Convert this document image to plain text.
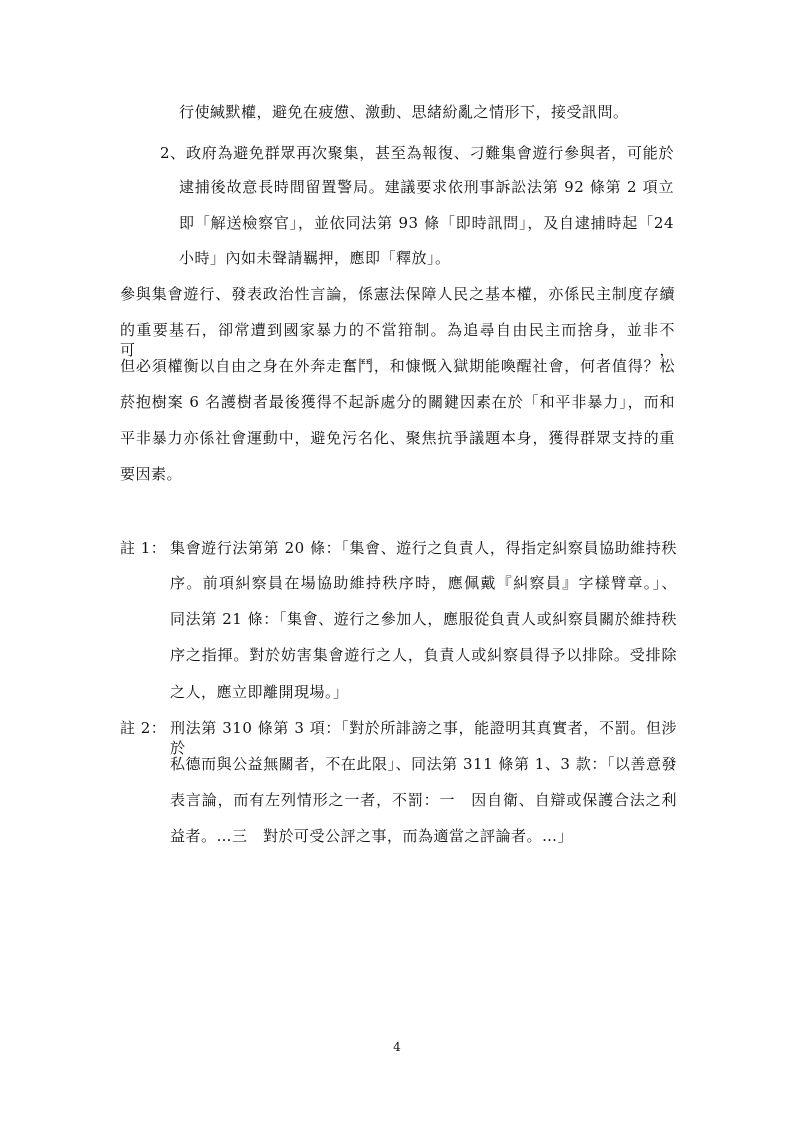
行使緘默權，避免在疲憊、激動、思緒紛亂之情形下，接受訊問。
2、 政府為避免群眾再次聚集，甚至為報復、刁難集會遊行參與者，可能於
逮捕後故意長時間留置警局。建議要求依刑事訴訟法第 92 條第 2 項立
即「解送檢察官」，並依同法第 93 條「即時訊問」，及自逮捕時起「24
小時」內如未聲請羈押，應即「釋放」。
參與集會遊行、發表政治性言論，係憲法保障人民之基本權，亦係民主制度存續
的重要基石，卻常遭到國家暴力的不當箝制。為追尋自由民主而捨身，並非不可，
但必須權衡以自由之身在外奔走奮鬥，和慷慨入獄期能喚醒社會，何者值得？松
菸抱樹案 6 名護樹者最後獲得不起訴處分的關鍵因素在於「和平非暴力」，而和
平非暴力亦係社會運動中，避免污名化、聚焦抗爭議題本身，獲得群眾支持的重
要因素。
註 1： 集會遊行法第第 20 條：「集會、遊行之負責人，得指定糾察員協助維持秩
序。前項糾察員在場協助維持秩序時，應佩戴『糾察員』字樣臂章。」、
同法第 21 條：「集會、遊行之參加人，應服從負責人或糾察員關於維持秩
序之指揮。對於妨害集會遊行之人，負責人或糾察員得予以排除。受排除
之人，應立即離開現場。」
註 2： 刑法第 310 條第 3 項：「對於所誹謗之事，能證明其真實者，不罰。但涉於
私德而與公益無關者，不在此限」、同法第 311 條第 1、3 款：「以善意發
表言論，而有左列情形之一者，不罰：一　因自衛、自辯或保護合法之利
益者。…三　對於可受公評之事，而為適當之評論者。…」
4
